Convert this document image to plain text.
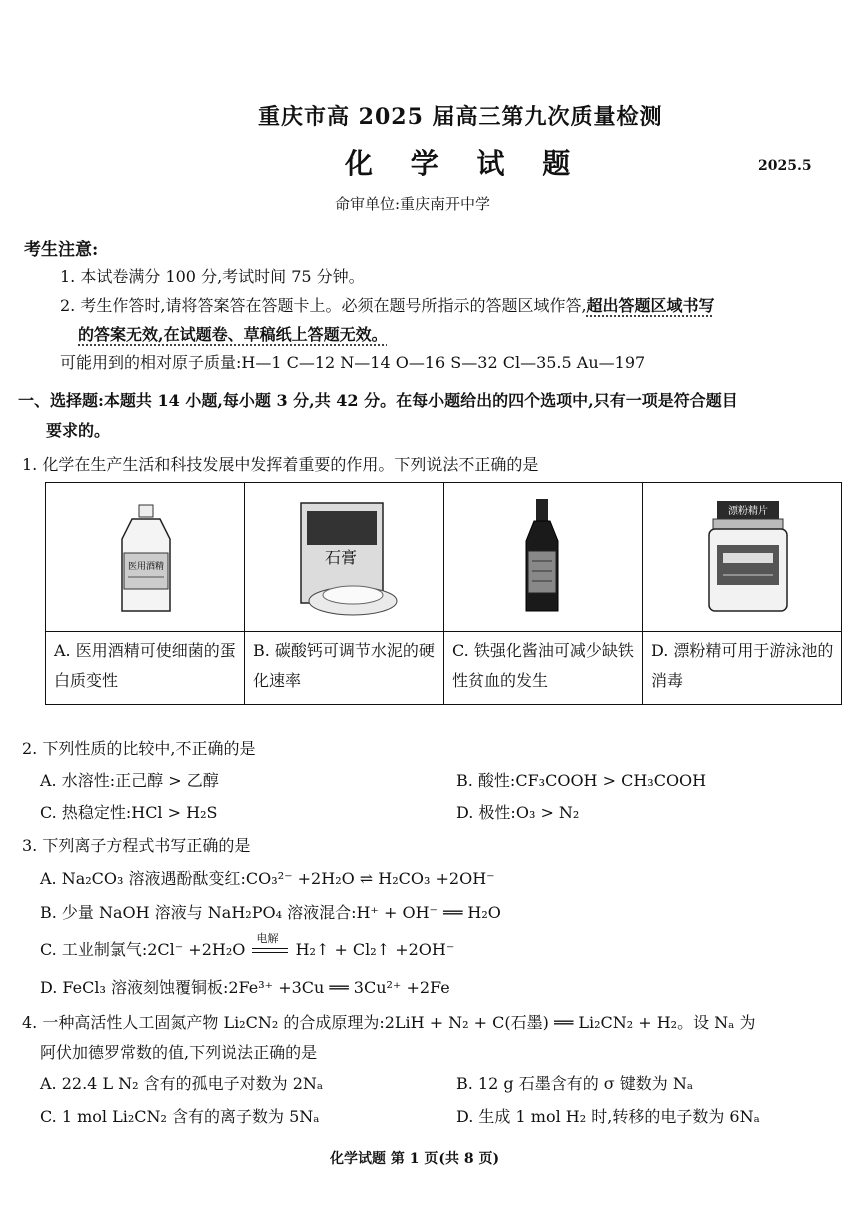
重庆市高 2025 届高三第九次质量检测
化 学 试 题	2025.5
命审单位:重庆南开中学
考生注意:
1. 本试卷满分 100 分,考试时间 75 分钟。
2. 考生作答时,请将答案答在答题卡上。必须在题号所指示的答题区域作答,超出答题区域书写
的答案无效,在试题卷、草稿纸上答题无效。
可能用到的相对原子质量:H—1 C—12 N—14 O—16 S—32 Cl—35.5 Au—197
一、选择题:本题共 14 小题,每小题 3 分,共 42 分。在每小题给出的四个选项中,只有一项是符合题目
要求的。
1. 化学在生产生活和科技发展中发挥着重要的作用。下列说法不正确的是
医用酒精	石膏		漂粉精片

A. 医用酒精可使细菌的蛋白质变性	B. 碳酸钙可调节水泥的硬化速率	C. 铁强化酱油可减少缺铁性贫血的发生	D. 漂粉精可用于游泳池的消毒
2. 下列性质的比较中,不正确的是
A. 水溶性:正己醇 > 乙醇	B. 酸性:CF₃COOH > CH₃COOH
C. 热稳定性:HCl > H₂S	D. 极性:O₃ > N₂
3. 下列离子方程式书写正确的是
A. Na₂CO₃ 溶液遇酚酞变红:CO₃²⁻ +2H₂O ⇌ H₂CO₃ +2OH⁻
B. 少量 NaOH 溶液与 NaH₂PO₄ 溶液混合:H⁺ + OH⁻ ══ H₂O
C. 工业制氯气:2Cl⁻ +2H₂O
电解
H₂↑ + Cl₂↑ +2OH⁻
D. FeCl₃ 溶液刻蚀覆铜板:2Fe³⁺ +3Cu ══ 3Cu²⁺ +2Fe
4. 一种高活性人工固氮产物 Li₂CN₂ 的合成原理为:2LiH + N₂ + C(石墨) ══ Li₂CN₂ + H₂。设 Nₐ 为
阿伏加德罗常数的值,下列说法正确的是
A. 22.4 L N₂ 含有的孤电子对数为 2Nₐ	B. 12 g 石墨含有的 σ 键数为 Nₐ
C. 1 mol Li₂CN₂ 含有的离子数为 5Nₐ	D. 生成 1 mol H₂ 时,转移的电子数为 6Nₐ
化学试题 第 1 页(共 8 页)
